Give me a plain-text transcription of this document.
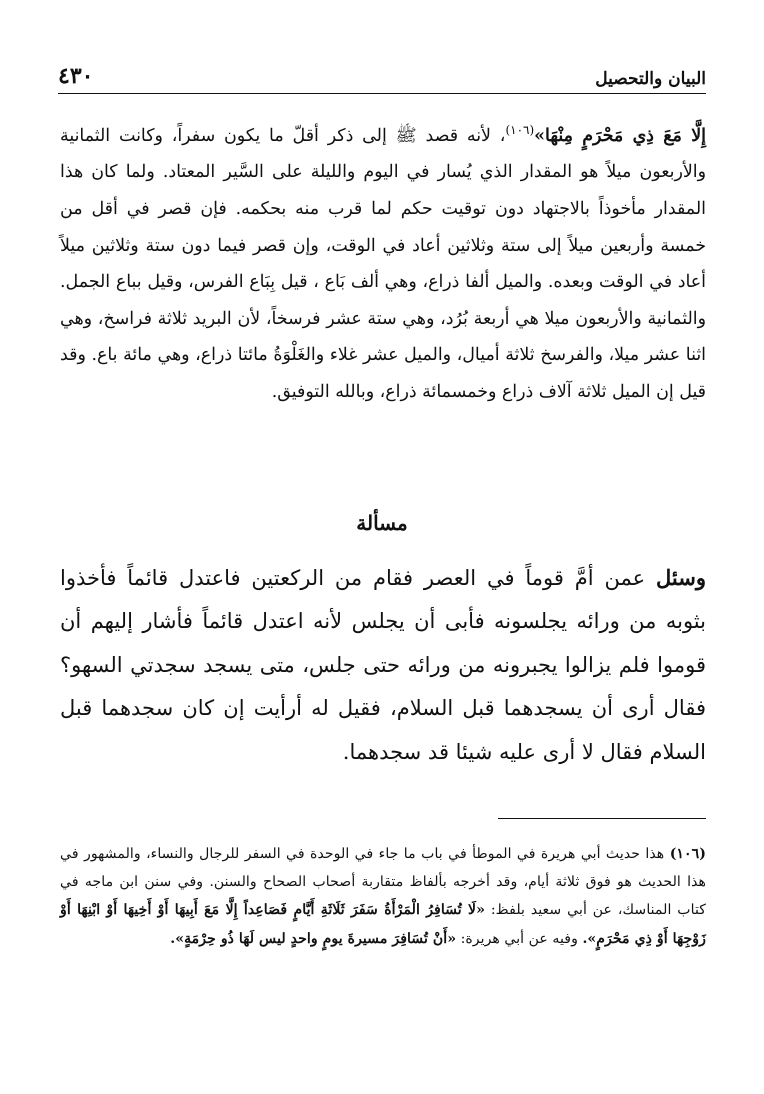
٤٣٠	البيان والتحصيل

إِلَّا مَعَ ذِي مَحْرَمٍ مِنْهَا»$^{(١٠٦)}$، لأنه قصد ﷺ إلى ذكر أقلّ ما يكون سفراً، وكانت الثمانية والأربعون ميلاً هو المقدار الذي يُسار في اليوم والليلة على السَّير المعتاد. ولما كان هذا المقدار مأخوذاً بالاجتهاد دون توقيت حكم لما قرب منه بحكمه. فإن قصر في أقل من خمسة وأربعين ميلاً إلى ستة وثلاثين أعاد في الوقت، وإن قصر فيما دون ستة وثلاثين ميلاً أعاد في الوقت وبعده. والميل ألفا ذراع، وهي ألف بَاع ، قيل بِبَاع الفرس، وقيل بباع الجمل. والثمانية والأربعون ميلا هي أربعة بُرُد، وهي ستة عشر فرسخاً، لأن البريد ثلاثة فراسخ، وهي اثنا عشر ميلا، والفرسخ ثلاثة أميال، والميل عشر غلاء والغَلْوَةُ مائتا ذراع، وهي مائة باع. وقد قيل إن الميل ثلاثة آلاف ذراع وخمسمائة ذراع، وبالله التوفيق.

مسألة

وسئل عمن أمَّ قوماً في العصر فقام من الركعتين فاعتدل قائماً فأخذوا بثوبه من ورائه يجلسونه فأبى أن يجلس لأنه اعتدل قائماً فأشار إليهم أن قوموا فلم يزالوا يجبرونه من ورائه حتى جلس، متى يسجد سجدتي السهو؟ فقال أرى أن يسجدهما قبل السلام، فقيل له أرأيت إن كان سجدهما قبل السلام فقال لا أرى عليه شيئا قد سجدهما.

(١٠٦) هذا حديث أبي هريرة في الموطأ في باب ما جاء في الوحدة في السفر للرجال والنساء، والمشهور في هذا الحديث هو فوق ثلاثة أيام، وقد أخرجه بألفاظ متقاربة أصحاب الصحاح والسنن. وفي سنن ابن ماجه في كتاب المناسك، عن أبي سعيد بلفظ: «لَا تُسَافِرُ الْمَرْأَةُ سَفَرَ ثَلَاثَةِ أَيَّامٍ فَصَاعِداً إِلَّا مَعَ أَبِيهَا أَوْ أَخِيهَا أَوْ ابْنِهَا أَوْ زَوْجِهَا أَوْ ذِي مَحْرَمٍ». وفيه عن أبي هريرة: «أَنْ تُسَافِرَ مسيرةَ يومٍ واحدٍ ليس لَهَا ذُو حِرْمَةٍ».
